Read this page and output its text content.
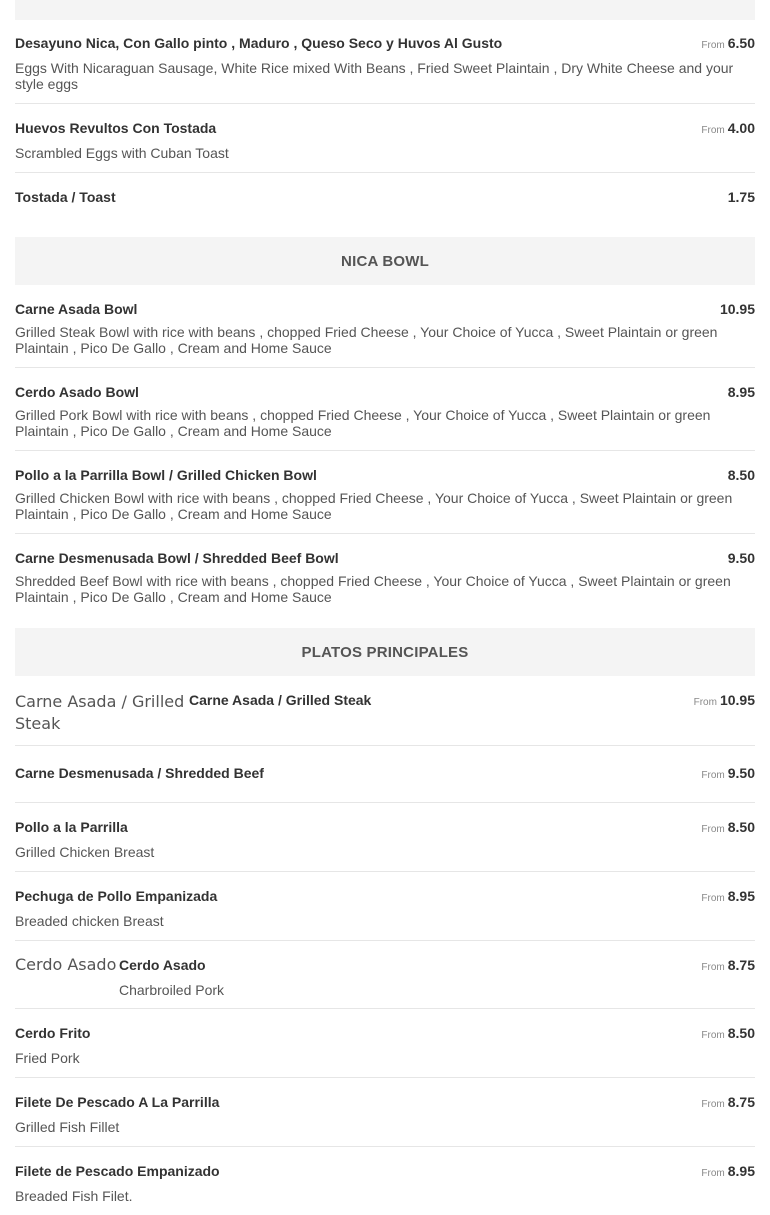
Desayuno Nica, Con Gallo pinto , Maduro , Queso Seco y Huvos Al Gusto	From 6.50
Eggs With Nicaraguan Sausage, White Rice mixed With Beans , Fried Sweet Plaintain , Dry White Cheese and your style eggs
Huevos Revultos Con Tostada	From 4.00
Scrambled Eggs with Cuban Toast
Tostada / Toast	1.75
NICA BOWL
Carne Asada Bowl	10.95
Grilled Steak Bowl with rice with beans , chopped Fried Cheese , Your Choice of Yucca , Sweet Plaintain or green Plaintain , Pico De Gallo , Cream and Home Sauce
Cerdo Asado Bowl	8.95
Grilled Pork Bowl with rice with beans , chopped Fried Cheese , Your Choice of Yucca , Sweet Plaintain or green Plaintain , Pico De Gallo , Cream and Home Sauce
Pollo a la Parrilla Bowl / Grilled Chicken Bowl	8.50
Grilled Chicken Bowl with rice with beans , chopped Fried Cheese , Your Choice of Yucca , Sweet Plaintain or green Plaintain , Pico De Gallo , Cream and Home Sauce
Carne Desmenusada Bowl / Shredded Beef Bowl	9.50
Shredded Beef Bowl with rice with beans , chopped Fried Cheese , Your Choice of Yucca , Sweet Plaintain or green Plaintain , Pico De Gallo , Cream and Home Sauce
PLATOS PRINCIPALES
Carne Asada / Grilled Steak
Carne Asada / Grilled Steak	From 10.95
Carne Desmenusada / Shredded Beef	From 9.50
Pollo a la Parrilla	From 8.50
Grilled Chicken Breast
Pechuga de Pollo Empanizada	From 8.95
Breaded chicken Breast
Cerdo Asado Cerdo Asado	From 8.75
Charbroiled Pork
Cerdo Frito	From 8.50
Fried Pork
Filete De Pescado A La Parrilla	From 8.75
Grilled Fish Fillet
Filete de Pescado Empanizado	From 8.95
Breaded Fish Filet.
